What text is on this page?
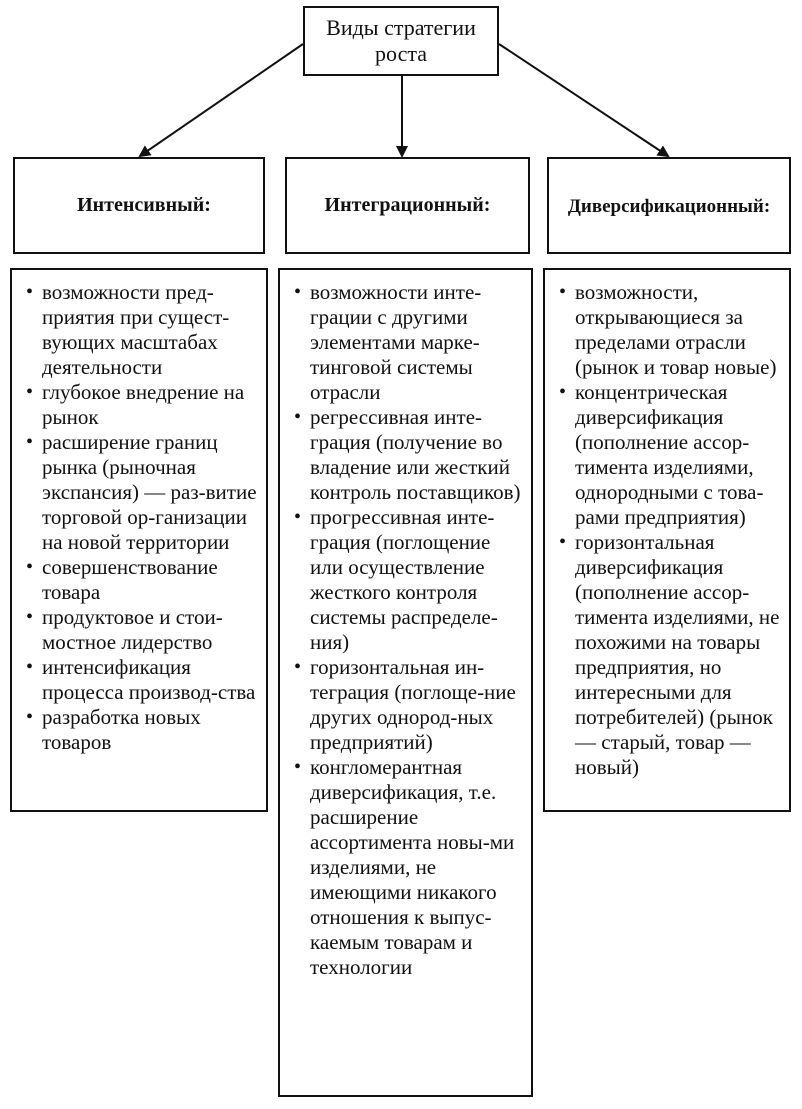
Виды стратегии роста
Интенсивный:	Интеграционный:	Диверсификационный:
• возможности пред-приятия при сущест-вующих масштабах деятельности
• глубокое внедрение на рынок
• расширение границ рынка (рыночная экспансия) — раз-витие торговой ор-ганизации на новой территории
• совершенствование товара
• продуктовое и стои-мостное лидерство
• интенсификация процесса производ-ства
• разработка новых товаров
• возможности инте-грации с другими элементами марке-тинговой системы отрасли
• регрессивная инте-грация (получение во владение или жесткий контроль поставщиков)
• прогрессивная инте-грация (поглощение или осуществление жесткого контроля системы распределе-ния)
• горизонтальная ин-теграция (поглоще-ние других однород-ных предприятий)
• конгломерантная диверсификация, т.е. расширение ассортимента новы-ми изделиями, не имеющими никакого отношения к выпус-каемым товарам и технологии
• возможности, открывающиеся за пределами отрасли (рынок и товар новые)
• концентрическая диверсификация (пополнение ассор-тимента изделиями, однородными с това-рами предприятия)
• горизонтальная диверсификация (пополнение ассор-тимента изделиями, не похожими на товары предприятия, но интересными для потребителей) (рынок — старый, товар — новый)
